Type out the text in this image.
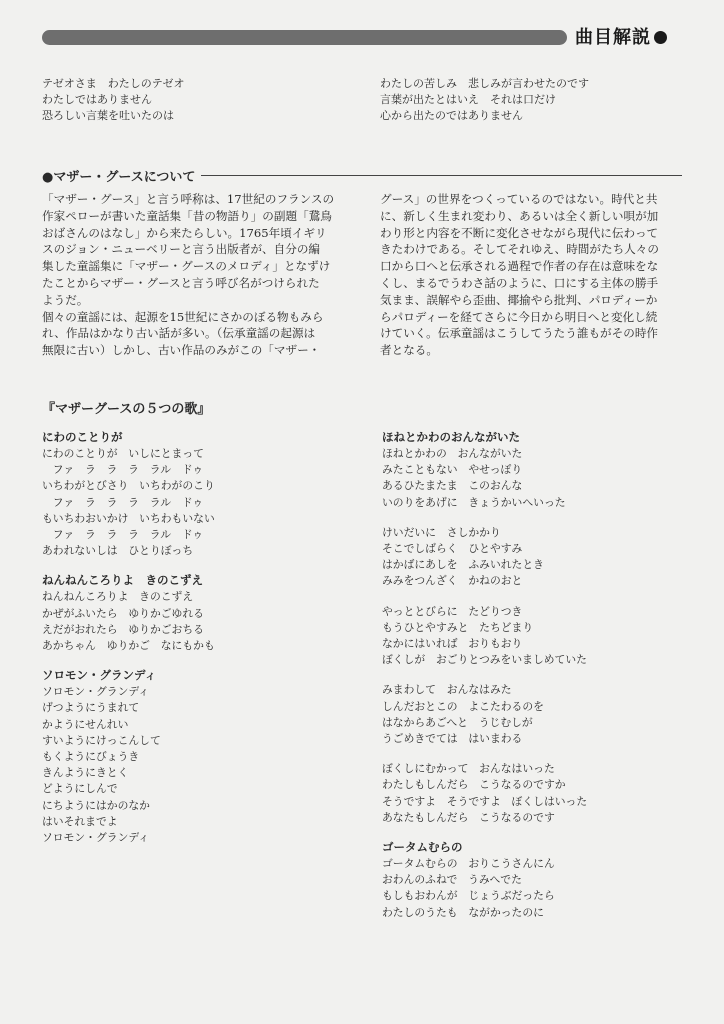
曲目解説
テゼオさま　わたしのテゼオ
わたしではありません
恐ろしい言葉を吐いたのは
わたしの苦しみ　悲しみが言わせたのです
言葉が出たとはいえ　それは口だけ
心から出たのではありません
●マザー・グースについて
「マザー・グース」と言う呼称は、17世紀のフランスの
作家ペローが書いた童話集「昔の物語り」の副題「鵞鳥
おばさんのはなし」から来たらしい。1765年頃イギリ
スのジョン・ニューベリーと言う出版者が、自分の編
集した童謡集に「マザー・グースのメロディ」となずけ
たことからマザー・グースと言う呼び名がつけられた
ようだ。
個々の童謡には、起源を15世紀にさかのぼる物もみら
れ、作品はかなり古い話が多い。（伝承童謡の起源は
無限に古い）しかし、古い作品のみがこの「マザー・
グース」の世界をつくっているのではない。時代と共
に、新しく生まれ変わり、あるいは全く新しい唄が加
わり形と内容を不断に変化させながら現代に伝わって
きたわけである。そしてそれゆえ、時間がたち人々の
口から口へと伝承される過程で作者の存在は意味をな
くし、まるでうわさ話のように、口にする主体の勝手
気まま、誤解やら歪曲、揶揄やら批判、パロディーか
らパロディーを経てさらに今日から明日へと変化し続
けていく。伝承童謡はこうしてうたう誰もがその時作
者となる。
『マザーグースの５つの歌』
にわのことりが
にわのことりが　いしにとまって
　ファ　ラ　ラ　ラ　ラル　ドゥ
いちわがとびさり　いちわがのこり
　ファ　ラ　ラ　ラ　ラル　ドゥ
もいちわおいかけ　いちわもいない
　ファ　ラ　ラ　ラ　ラル　ドゥ
あわれないしは　ひとりぼっち
ねんねんころりよ　きのこずえ
ねんねんころりよ　きのこずえ
かぜがふいたら　ゆりかごゆれる
えだがおれたら　ゆりかごおちる
あかちゃん　ゆりかご　なにもかも
ソロモン・グランディ
ソロモン・グランディ
げつようにうまれて
かようにせんれい
すいようにけっこんして
もくようにびょうき
きんようにきとく
どようにしんで
にちようにはかのなか
はいそれまでよ
ソロモン・グランディ
ほねとかわのおんながいた
ほねとかわの　おんながいた
みたこともない　やせっぽり
あるひたまたま　このおんな
いのりをあげに　きょうかいへいった
けいだいに　さしかかり
そこでしばらく　ひとやすみ
はかばにあしを　ふみいれたとき
みみをつんざく　かねのおと
やっととびらに　たどりつき
もうひとやすみと　たちどまり
なかにはいれば　おりもおり
ぼくしが　おごりとつみをいましめていた
みまわして　おんなはみた
しんだおとこの　よこたわるのを
はなからあごへと　うじむしが
うごめきでては　はいまわる
ぼくしにむかって　おんなはいった
わたしもしんだら　こうなるのですか
そうですよ　そうですよ　ぼくしはいった
あなたもしんだら　こうなるのです
ゴータムむらの
ゴータムむらの　おりこうさんにん
おわんのふねで　うみへでた
もしもおわんが　じょうぶだったら
わたしのうたも　ながかったのに
